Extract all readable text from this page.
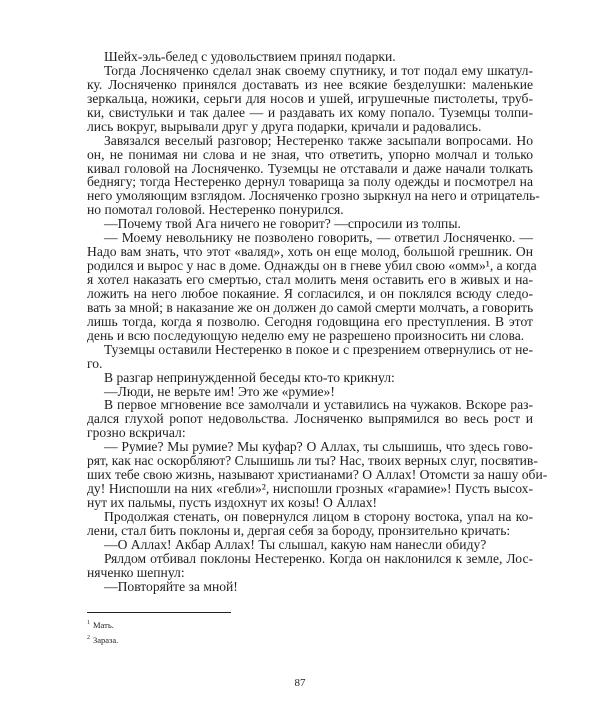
Шейх-эль-белед с удовольствием принял подарки.
Тогда Лосняченко сделал знак своему спутнику, и тот подал ему шкатул-
ку. Лосняченко принялся доставать из нее всякие безделушки: маленькие
зеркальца, ножики, серьги для носов и ушей, игрушечные пистолеты, труб-
ки, свистульки и так далее — и раздавать их кому попало. Туземцы толпи-
лись вокруг, вырывали друг у друга подарки, кричали и радовались.
Завязался веселый разговор; Нестеренко также засыпали вопросами. Но
он, не понимая ни слова и не зная, что ответить, упорно молчал и только
кивал головой на Лосняченко. Туземцы не отставали и даже начали толкать
беднягу; тогда Нестеренко дернул товарища за полу одежды и посмотрел на
него умоляющим взглядом. Лосняченко грозно зыркнул на него и отрицатель-
но помотал головой. Нестеренко понурился.
—Почему твой Ага ничего не говорит? —спросили из толпы.
— Моему невольнику не позволено говорить, — ответил Лосняченко. —
Надо вам знать, что этот «валяд», хоть он еще молод, большой грешник. Он
родился и вырос у нас в доме. Однажды он в гневе убил свою «омм»¹, а когда
я хотел наказать его смертью, стал молить меня оставить его в живых и на-
ложить на него любое покаяние. Я согласился, и он поклялся всюду следо-
вать за мной; в наказание же он должен до самой смерти молчать, а говорить
лишь тогда, когда я позволю. Сегодня годовщина его преступления. В этот
день и всю последующую неделю ему не разрешено произносить ни слова.
Туземцы оставили Нестеренко в покое и с презрением отвернулись от не-
го.
В разгар непринужденной беседы кто-то крикнул:
—Люди, не верьте им! Это же «румие»!
В первое мгновение все замолчали и уставились на чужаков. Вскоре раз-
дался глухой ропот недовольства. Лосняченко выпрямился во весь рост и
грозно вскричал:
— Румие? Мы румие? Мы куфар? О Аллах, ты слышишь, что здесь гово-
рят, как нас оскорбляют? Слышишь ли ты? Нас, твоих верных слуг, посвятив-
ших тебе свою жизнь, называют христианами? О Аллах! Отомсти за нашу оби-
ду! Ниспошли на них «гебли»², ниспошли грозных «гарамие»! Пусть высох-
нут их пальмы, пусть издохнут их козы! О Аллах!
Продолжая стенать, он повернулся лицом в сторону востока, упал на ко-
лени, стал бить поклоны и, дергая себя за бороду, пронзительно кричать:
—О Аллах! Акбар Аллах! Ты слышал, какую нам нанесли обиду?
Рялдом отбивал поклоны Нестеренко. Когда он наклонился к земле, Лос-
няченко шепнул:
—Повторяйте за мной!
$^1$ Мать.
$^2$ Зараза.
87
